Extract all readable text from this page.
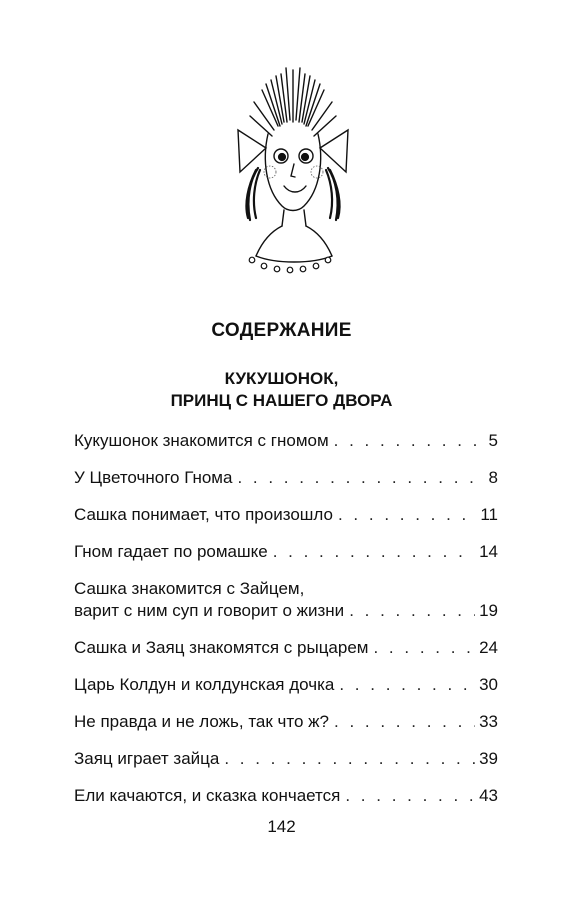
СОДЕРЖАНИЕ
КУКУШОНОК,
ПРИНЦ С НАШЕГО ДВОРА
Кукушонок знакомится с гномом . . .	5
У Цветочного Гнома . . .	8
Сашка понимает, что произошло . . .	11
Гном гадает по ромашке . . .	14
Сашка знакомится с Зайцем,
варит с ним суп и говорит о жизни . . .	19
Сашка и Заяц знакомятся с рыцарем . . .	24
Царь Колдун и колдунская дочка . . .	30
Не правда и не ложь, так что ж? . . .	33
Заяц играет зайца . . .	39
Ели качаются, и сказка кончается . . .	43
142
